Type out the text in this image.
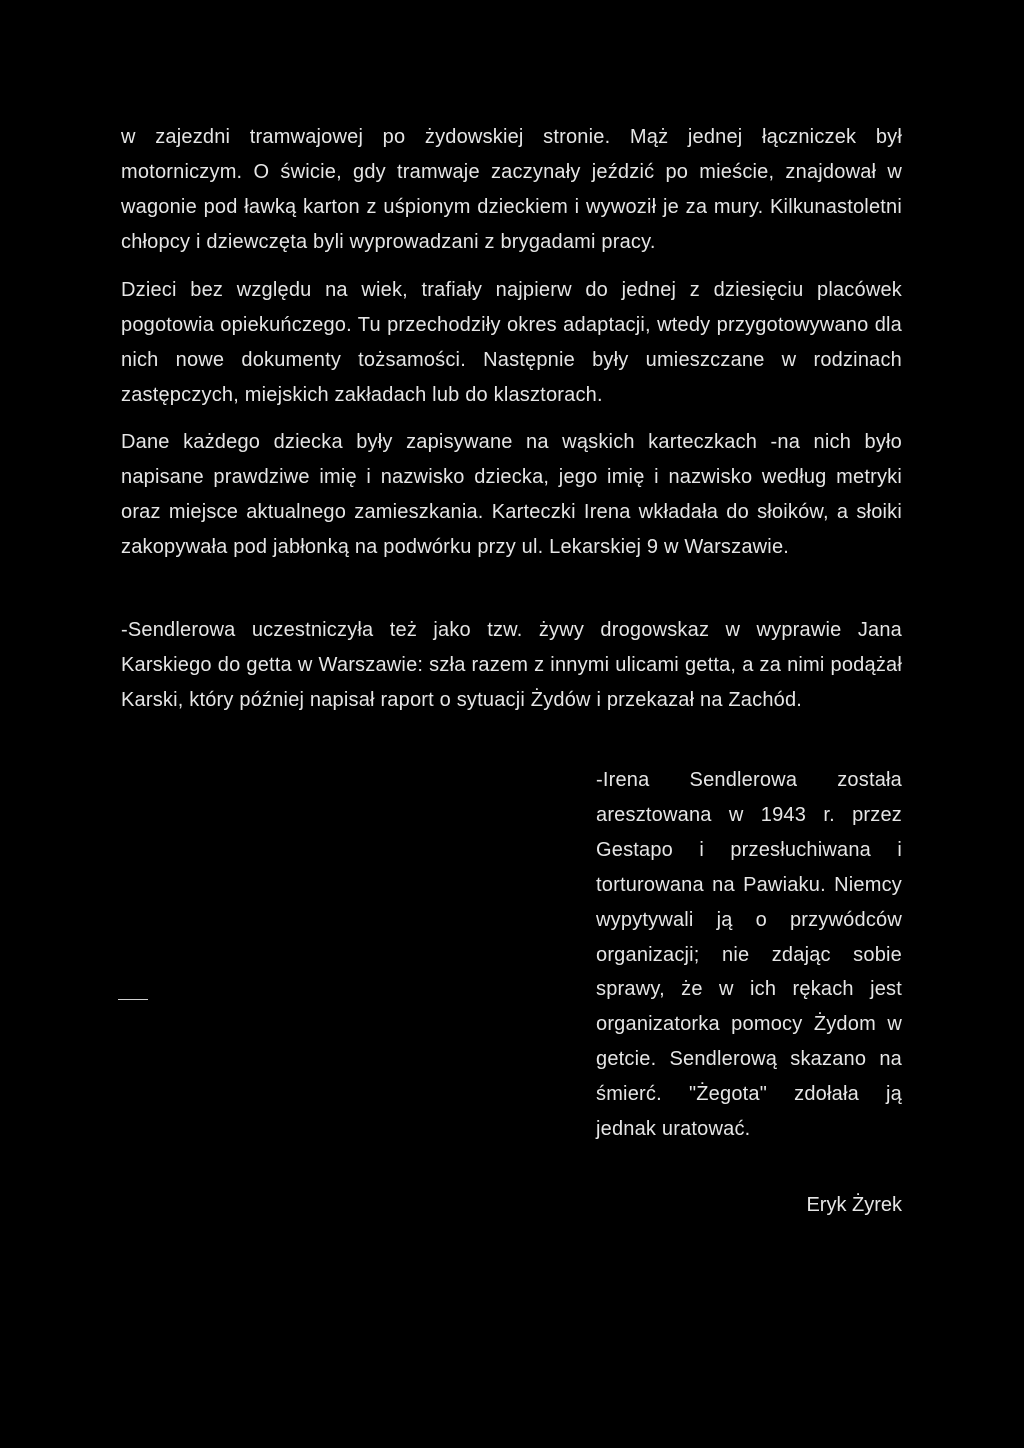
w zajezdni tramwajowej po żydowskiej stronie. Mąż jednej łączniczek był motorniczym. O świcie, gdy tramwaje zaczynały jeździć po mieście, znajdował w wagonie pod ławką karton z uśpionym dzieckiem i wywoził je za mury. Kilkunastoletni chłopcy i dziewczęta byli wyprowadzani z brygadami pracy.

Dzieci bez względu na wiek, trafiały najpierw do jednej z dziesięciu placówek pogotowia opiekuńczego. Tu przechodziły okres adaptacji, wtedy przygotowywano dla nich nowe dokumenty tożsamości. Następnie były umieszczane w rodzinach zastępczych, miejskich zakładach lub do klasztorach.

Dane każdego dziecka były zapisywane na wąskich karteczkach -na nich było napisane prawdziwe imię i nazwisko dziecka, jego imię i nazwisko według metryki oraz miejsce aktualnego zamieszkania. Karteczki Irena wkładała do słoików, a słoiki zakopywała pod jabłonką na podwórku przy ul. Lekarskiej 9 w Warszawie.

-Sendlerowa uczestniczyła też jako tzw. żywy drogowskaz w wyprawie Jana Karskiego do getta w Warszawie: szła razem z innymi ulicami getta, a za nimi podążał Karski, który później napisał raport o sytuacji Żydów i przekazał na Zachód.

-Irena Sendlerowa została aresztowana w 1943 r. przez Gestapo i przesłuchiwana i torturowana na Pawiaku. Niemcy wypytywali ją o przywódców organizacji; nie zdając sobie sprawy, że w ich rękach jest organizatorka pomocy Żydom w getcie. Sendlerową skazano na śmierć. "Żegota" zdołała ją jednak uratować.

Eryk Żyrek
